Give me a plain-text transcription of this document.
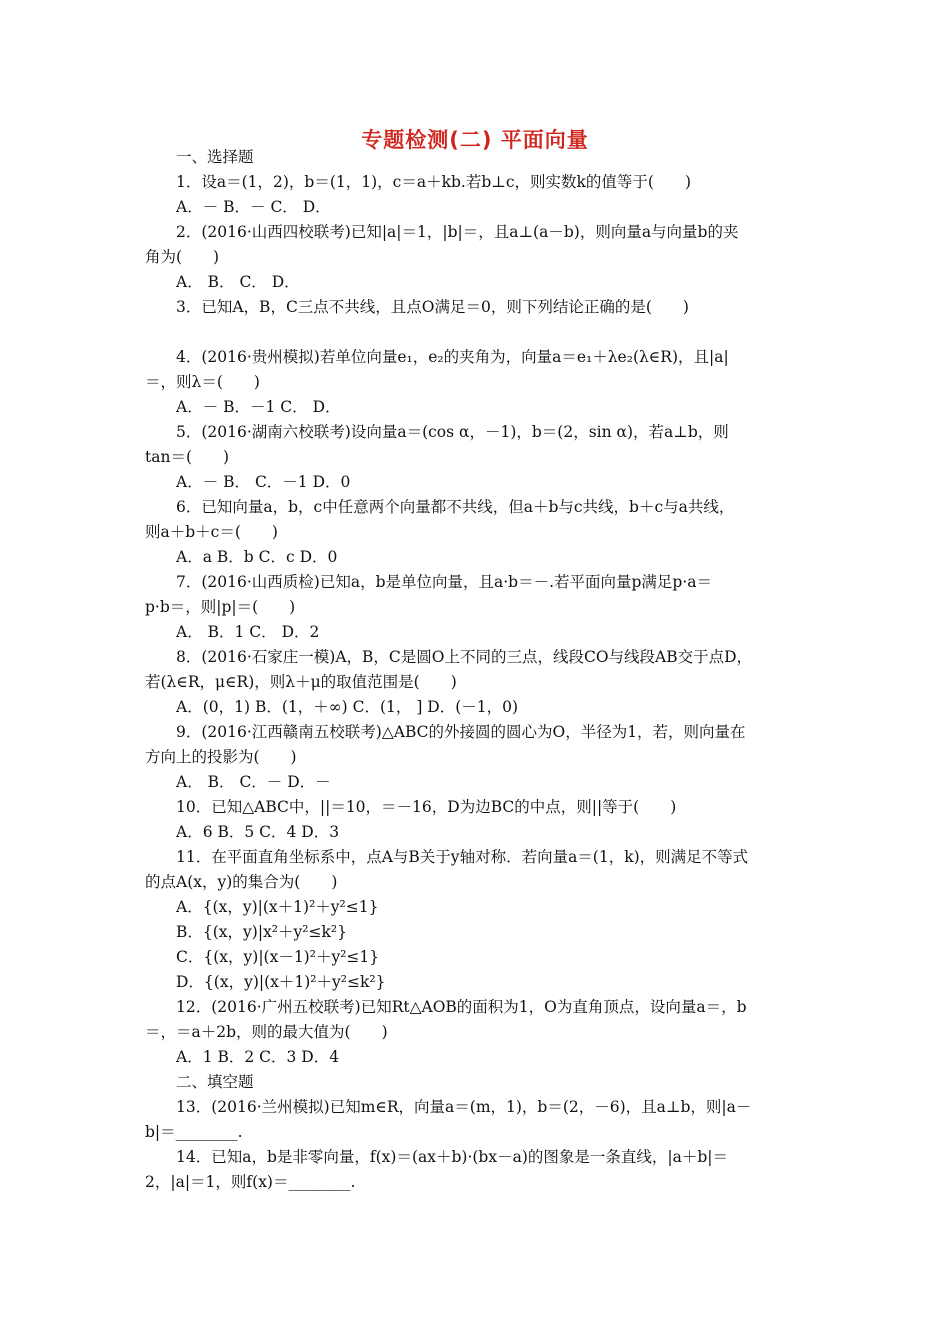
专题检测(二) 平面向量
一、选择题
1．设a＝(1，2)，b＝(1，1)，c＝a＋kb.若b⊥c，则实数k的值等于(　　)
A．－ B．－ C． D．
2．(2016·山西四校联考)已知|a|＝1，|b|＝，且a⊥(a－b)，则向量a与向量b的夹
角为(　　)
A． B． C． D．
3．已知A，B，C三点不共线，且点O满足＝0，则下列结论正确的是(　　)
4．(2016·贵州模拟)若单位向量e₁，e₂的夹角为，向量a＝e₁＋λe₂(λ∈R)，且|a|
＝，则λ＝(　　)
A．－ B．－1 C． D．
5．(2016·湖南六校联考)设向量a＝(cos α，－1)，b＝(2，sin α)，若a⊥b，则
tan＝(　　)
A．－ B． C．－1 D．0
6．已知向量a，b，c中任意两个向量都不共线，但a＋b与c共线，b＋c与a共线，
则a＋b＋c＝(　　)
A．a B．b C．c D．0
7．(2016·山西质检)已知a，b是单位向量，且a·b＝－.若平面向量p满足p·a＝
p·b＝，则|p|＝(　　)
A． B．1 C． D．2
8．(2016·石家庄一模)A，B，C是圆O上不同的三点，线段CO与线段AB交于点D，
若(λ∈R，μ∈R)，则λ＋μ的取值范围是(　　)
A．(0，1) B．(1，＋∞) C．(1， ] D．(－1，0)
9．(2016·江西赣南五校联考)△ABC的外接圆的圆心为O，半径为1，若，则向量在
方向上的投影为(　　)
A． B． C．－ D．－
10．已知△ABC中，||＝10，＝－16，D为边BC的中点，则||等于(　　)
A．6 B．5 C．4 D．3
11．在平面直角坐标系中，点A与B关于y轴对称．若向量a＝(1，k)，则满足不等式
的点A(x，y)的集合为(　　)
A．{(x，y)|(x＋1)²＋y²≤1}
B．{(x，y)|x²＋y²≤k²}
C．{(x，y)|(x－1)²＋y²≤1}
D．{(x，y)|(x＋1)²＋y²≤k²}
12．(2016·广州五校联考)已知Rt△AOB的面积为1，O为直角顶点，设向量a＝，b
＝，＝a＋2b，则的最大值为(　　)
A．1 B．2 C．3 D．4
二、填空题
13．(2016·兰州模拟)已知m∈R，向量a＝(m，1)，b＝(2，－6)，且a⊥b，则|a－
b|＝________.
14．已知a，b是非零向量，f(x)＝(ax＋b)·(bx－a)的图象是一条直线，|a＋b|＝
2，|a|＝1，则f(x)＝________.
